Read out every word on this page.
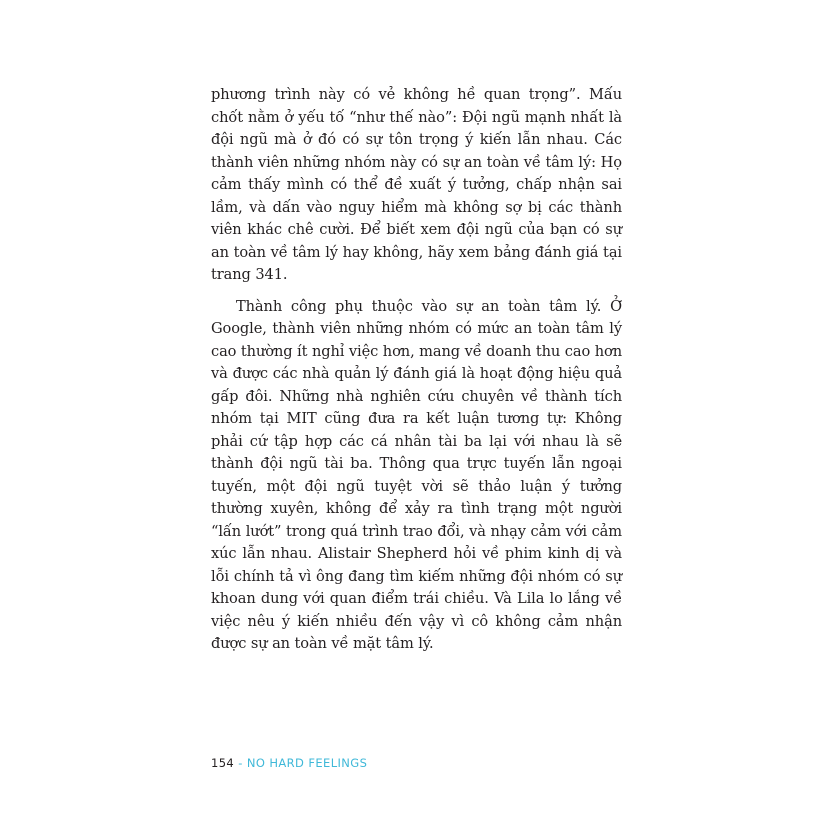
phương trình này có vẻ không hề quan trọng”. Mấu chốt nằm ở yếu tố “như thế nào”: Đội ngũ mạnh nhất là đội ngũ mà ở đó có sự tôn trọng ý kiến lẫn nhau. Các thành viên những nhóm này có sự an toàn về tâm lý: Họ cảm thấy mình có thể đề xuất ý tưởng, chấp nhận sai lầm, và dấn vào nguy hiểm mà không sợ bị các thành viên khác chê cười. Để biết xem đội ngũ của bạn có sự an toàn về tâm lý hay không, hãy xem bảng đánh giá tại trang 341.

Thành công phụ thuộc vào sự an toàn tâm lý. Ở Google, thành viên những nhóm có mức an toàn tâm lý cao thường ít nghỉ việc hơn, mang về doanh thu cao hơn và được các nhà quản lý đánh giá là hoạt động hiệu quả gấp đôi. Những nhà nghiên cứu chuyên về thành tích nhóm tại MIT cũng đưa ra kết luận tương tự: Không phải cứ tập hợp các cá nhân tài ba lại với nhau là sẽ thành đội ngũ tài ba. Thông qua trực tuyến lẫn ngoại tuyến, một đội ngũ tuyệt vời sẽ thảo luận ý tưởng thường xuyên, không để xảy ra tình trạng một người “lấn lướt” trong quá trình trao đổi, và nhạy cảm với cảm xúc lẫn nhau. Alistair Shepherd hỏi về phim kinh dị và lỗi chính tả vì ông đang tìm kiếm những đội nhóm có sự khoan dung với quan điểm trái chiều. Và Lila lo lắng về việc nêu ý kiến nhiều đến vậy vì cô không cảm nhận được sự an toàn về mặt tâm lý.

154 - NO HARD FEELINGS
